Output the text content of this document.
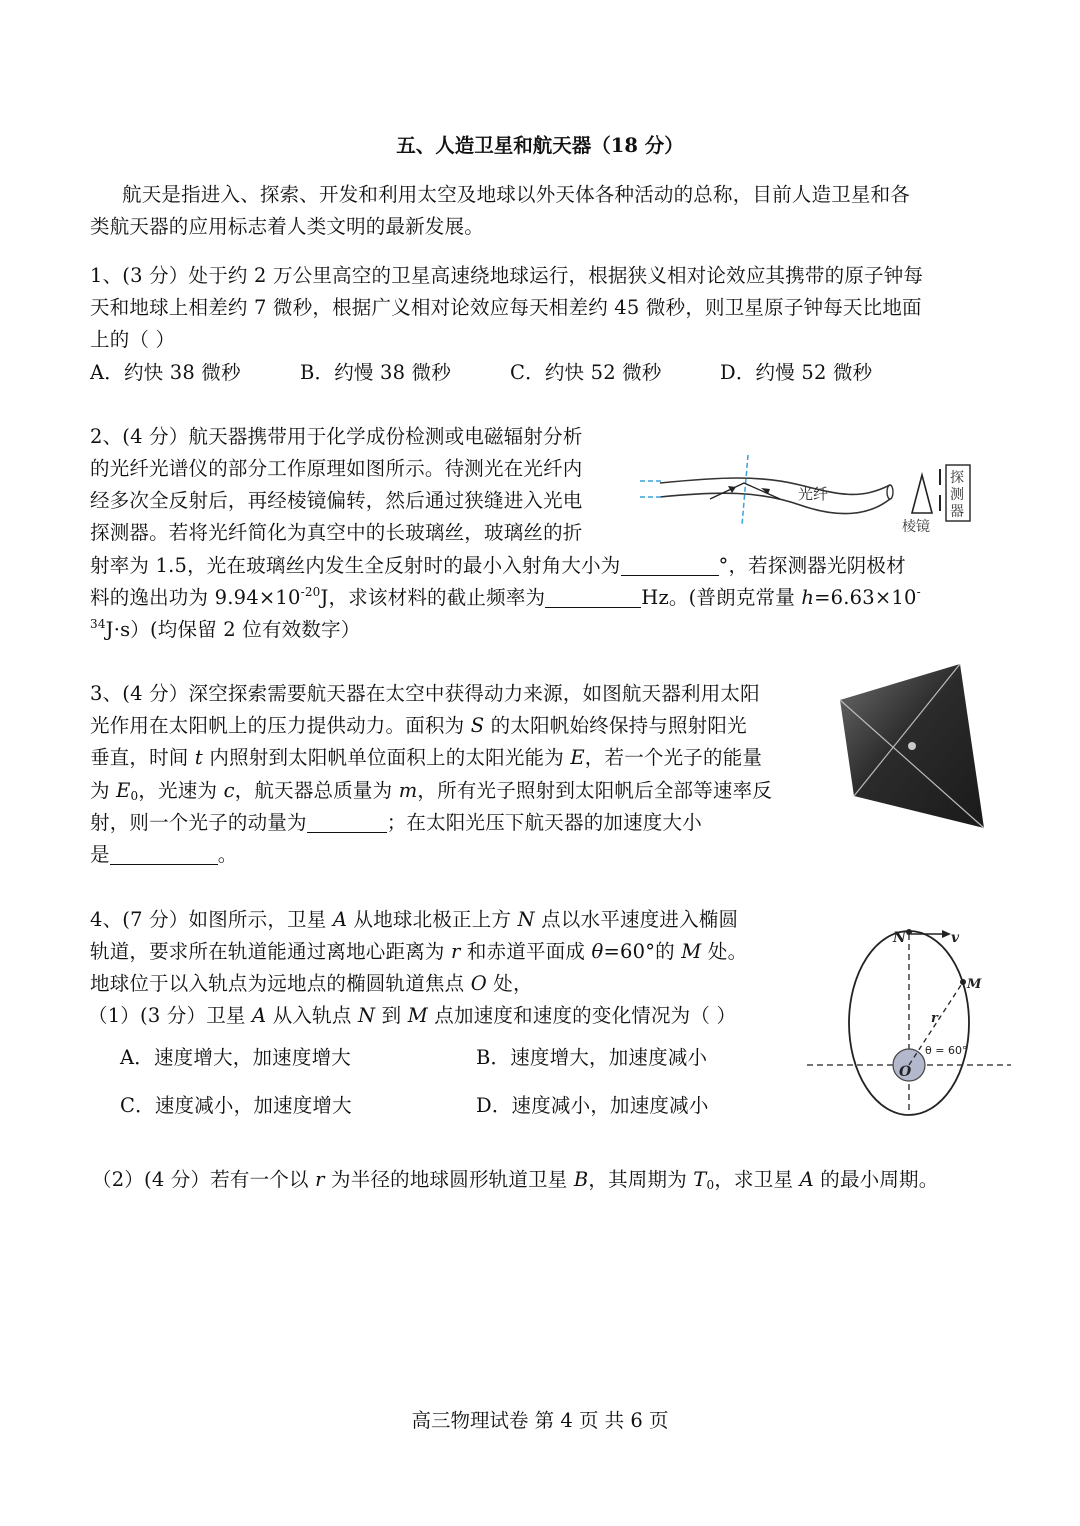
五、人造卫星和航天器（18 分）
航天是指进入、探索、开发和利用太空及地球以外天体各种活动的总称，目前人造卫星和各
类航天器的应用标志着人类文明的最新发展。
1、(3 分）处于约 2 万公里高空的卫星高速绕地球运行，根据狭义相对论效应其携带的原子钟每
天和地球上相差约 7 微秒，根据广义相对论效应每天相差约 45 微秒，则卫星原子钟每天比地面
上的（ ）
A．约快 38 微秒	B．约慢 38 微秒	C．约快 52 微秒	D．约慢 52 微秒
2、(4 分）航天器携带用于化学成份检测或电磁辐射分析
的光纤光谱仪的部分工作原理如图所示。待测光在光纤内
经多次全反射后，再经棱镜偏转，然后通过狭缝进入光电
探测器。若将光纤简化为真空中的长玻璃丝，玻璃丝的折
射率为 1.5，光在玻璃丝内发生全反射时的最小入射角大小为	°，若探测器光阴极材
料的逸出功为 $9.94\times 10^{-20}J$，求该材料的截止频率为	Hz。(普朗克常量 h=6.63×10-
$^{34}$J·s）(均保留 2 位有效数字）
光纤
棱镜
探
测
器
3、(4 分）深空探索需要航天器在太空中获得动力来源，如图航天器利用太阳
光作用在太阳帆上的压力提供动力。面积为 S 的太阳帆始终保持与照射阳光
垂直，时间 t 内照射到太阳帆单位面积上的太阳光能为 E，若一个光子的能量
为 $E_0$，光速为 c，航天器总质量为 m，所有光子照射到太阳帆后全部等速率反
射，则一个光子的动量为	；在太阳光压下航天器的加速度大小
是	。
4、(7 分）如图所示，卫星 A 从地球北极正上方 N 点以水平速度进入椭圆
轨道，要求所在轨道能通过离地心距离为 r 和赤道平面成 θ=60°的 M 处。
地球位于以入轨点为远地点的椭圆轨道焦点 O 处，
（1）(3 分）卫星 A 从入轨点 N 到 M 点加速度和速度的变化情况为（ ）
A．速度增大，加速度增大	B．速度增大，加速度减小
C．速度减小，加速度增大	D．速度减小，加速度减小
（2）(4 分）若有一个以 r 为半径的地球圆形轨道卫星 B，其周期为 $T_0$，求卫星 A 的最小周期。
N	v
M
r
O
θ = 60°
高三物理试卷 第 4 页 共 6 页
